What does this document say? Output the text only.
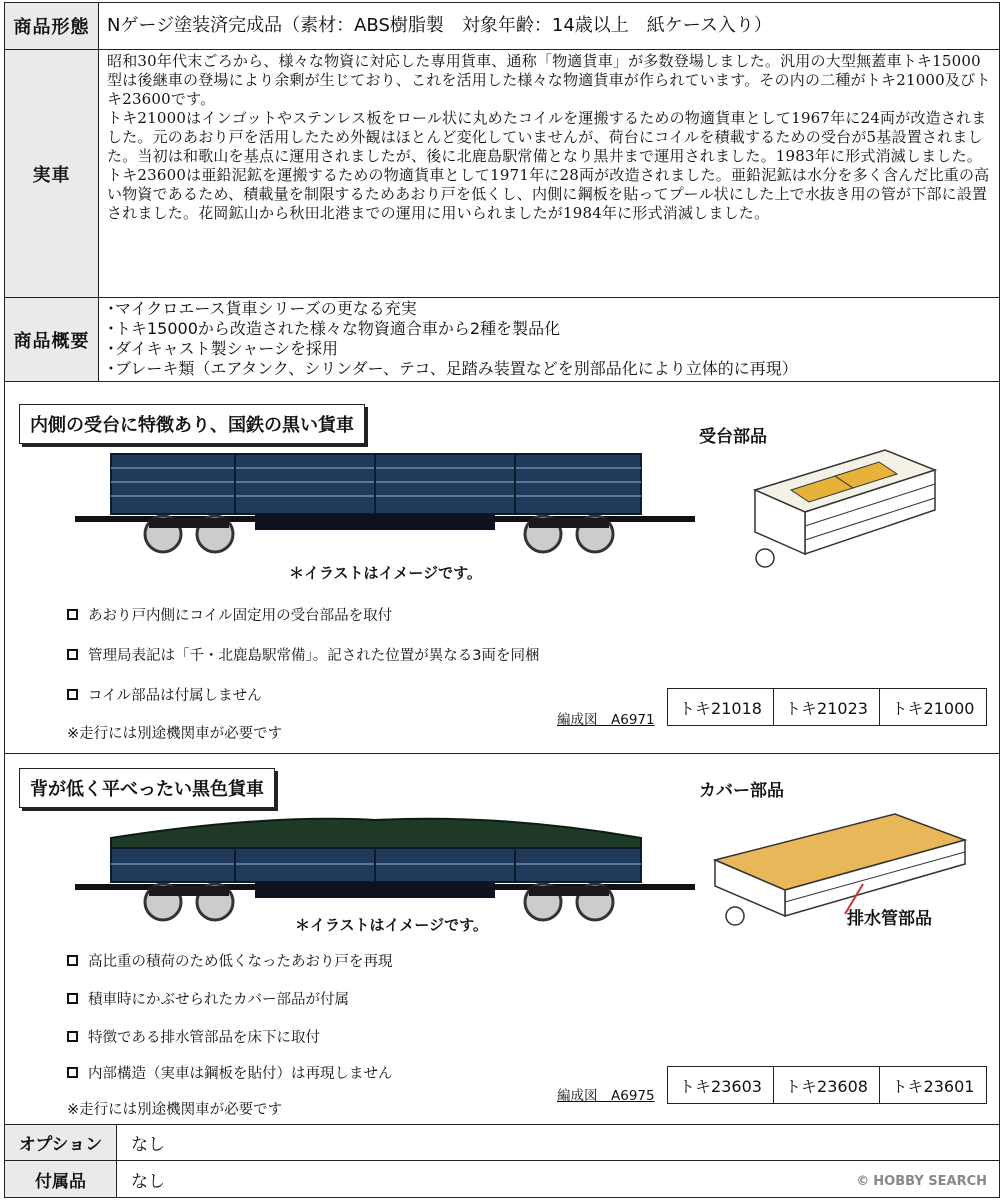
商品形態 Nゲージ塗装済完成品（素材：ABS樹脂製　対象年齢：14歳以上　紙ケース入り）
実車

昭和30年代末ごろから、様々な物資に対応した専用貨車、通称「物適貨車」が多数登場しました。汎用の大型無蓋車トキ15000型は後継車の登場により余剰が生じており、これを活用した様々な物適貨車が作られています。その内の二種がトキ21000及びトキ23600です。

トキ21000はインゴットやステンレス板をロール状に丸めたコイルを運搬するための物適貨車として1967年に24両が改造されました。元のあおり戸を活用したため外観はほとんど変化していませんが、荷台にコイルを積載するための受台が5基設置されました。当初は和歌山を基点に運用されましたが、後に北鹿島駅常備となり黒井まで運用されました。1983年に形式消滅しました。

トキ23600は亜鉛泥鉱を運搬するための物適貨車として1971年に28両が改造されました。亜鉛泥鉱は水分を多く含んだ比重の高い物資であるため、積載量を制限するためあおり戸を低くし、内側に鋼板を貼ってプール状にした上で水抜き用の管が下部に設置されました。花岡鉱山から秋田北港までの運用に用いられましたが1984年に形式消滅しました。

商品概要
･マイクロエース貨車シリーズの更なる充実
･トキ15000から改造された様々な物資適合車から2種を製品化
･ダイキャスト製シャーシを採用
･ブレーキ類（エアタンク、シリンダー、テコ、足踏み装置などを別部品化により立体的に再現）
内側の受台に特徴あり、国鉄の黒い貨車
＊イラストはイメージです。
受台部品
あおり戸内側にコイル固定用の受台部品を取付
管理局表記は「千・北鹿島駅常備」。記された位置が異なる3両を同梱
コイル部品は付属しません
※走行には別途機関車が必要です
編成図　A6971
トキ21018	トキ21023	トキ21000
背が低く平べったい黒色貨車
＊イラストはイメージです。
カバー部品
排水管部品
高比重の積荷のため低くなったあおり戸を再現
積車時にかぶせられたカバー部品が付属
特徴である排水管部品を床下に取付
内部構造（実車は鋼板を貼付）は再現しません
※走行には別途機関車が必要です
編成図　A6975
トキ23603	トキ23608	トキ23601
オプション	なし
付属品	なし	© HOBBY SEARCH
